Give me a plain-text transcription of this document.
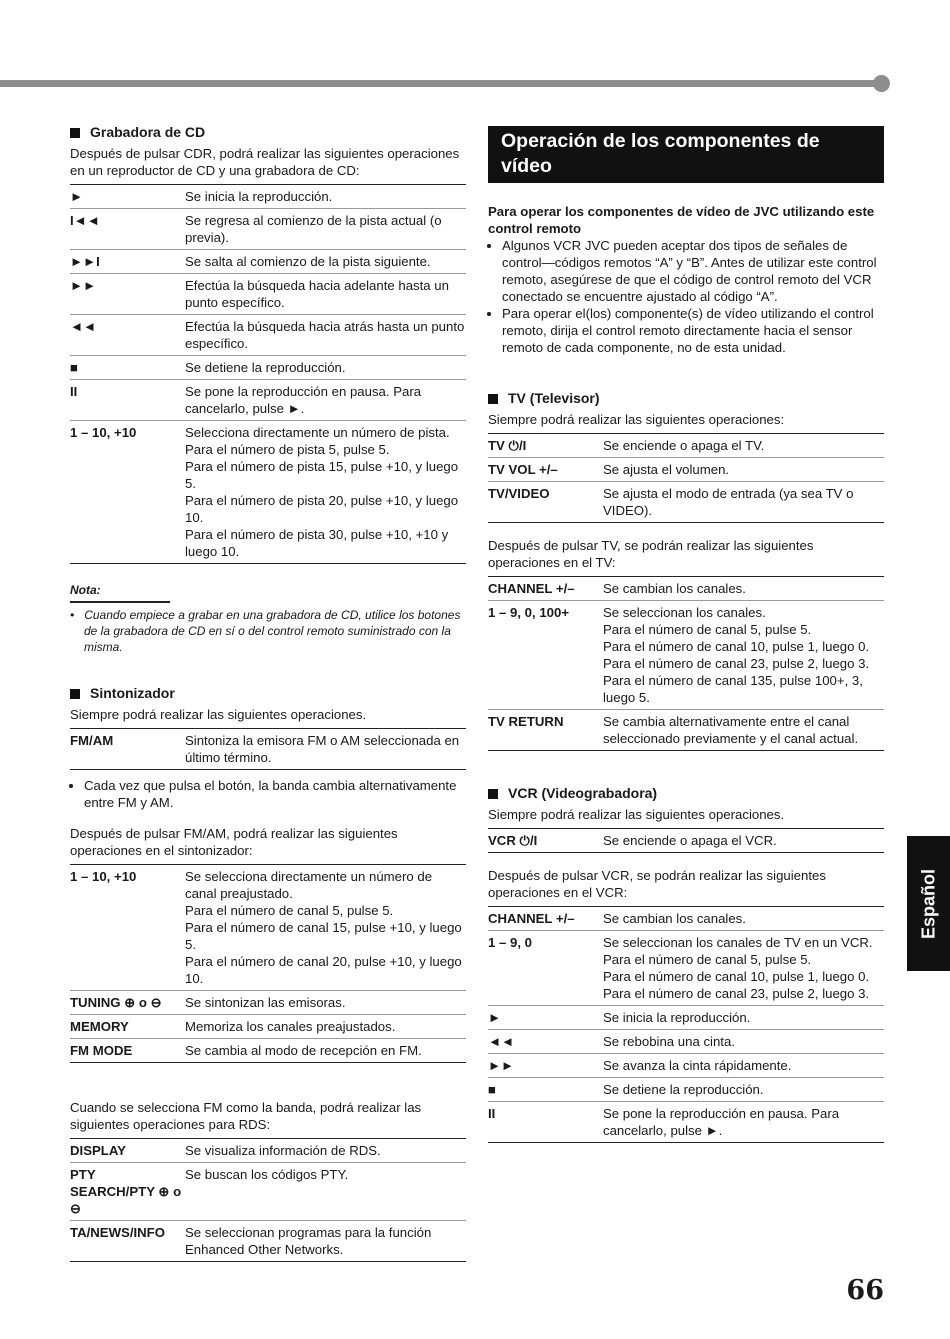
Grabadora de CD

Después de pulsar CDR, podrá realizar las siguientes operaciones en un reproductor de CD y una grabadora de CD:

►	Se inicia la reproducción.
I◄◄	Se regresa al comienzo de la pista actual (o previa).
►►I	Se salta al comienzo de la pista siguiente.
►►	Efectúa la búsqueda hacia adelante hasta un punto específico.
◄◄	Efectúa la búsqueda hacia atrás hasta un punto específico.
■	Se detiene la reproducción.
II	Se pone la reproducción en pausa. Para cancelarlo, pulse ►.
1 – 10, +10	Selecciona directamente un número de pista.
Para el número de pista 5, pulse 5.
Para el número de pista 15, pulse +10, y luego 5.
Para el número de pista 20, pulse +10, y luego 10.
Para el número de pista 30, pulse +10, +10 y luego 10.
Nota:
•   Cuando empiece a grabar en una grabadora de CD, utilice los botones de la grabadora de CD en sí o del control remoto suministrado con la misma.
Sintonizador

Siempre podrá realizar las siguientes operaciones.

FM/AM	Sintoniza la emisora FM o AM seleccionada en último término.
• Cada vez que pulsa el botón, la banda cambia alternativamente entre FM y AM.

Después de pulsar FM/AM, podrá realizar las siguientes operaciones en el sintonizador:

1 – 10, +10	Se selecciona directamente un número de canal preajustado.
Para el número de canal 5, pulse 5.
Para el número de canal 15, pulse +10, y luego 5.
Para el número de canal 20, pulse +10, y luego 10.
TUNING ⊕ o ⊖	Se sintonizan las emisoras.
MEMORY	Memoriza los canales preajustados.
FM MODE	Se cambia al modo de recepción en FM.

Cuando se selecciona FM como la banda, podrá realizar las siguientes operaciones para RDS:

DISPLAY	Se visualiza información de RDS.
PTY SEARCH/PTY ⊕ o ⊖	Se buscan los códigos PTY.
TA/NEWS/INFO	Se seleccionan programas para la función Enhanced Other Networks.
Operación de los componentes de vídeo

Para operar los componentes de vídeo de JVC utilizando este control remoto

• Algunos VCR JVC pueden aceptar dos tipos de señales de control—códigos remotos “A” y “B”. Antes de utilizar este control remoto, asegúrese de que el código de control remoto del VCR conectado se encuentre ajustado al código “A”.
• Para operar el(los) componente(s) de vídeo utilizando el control remoto, dirija el control remoto directamente hacia el sensor remoto de cada componente, no de esta unidad.
TV (Televisor)

Siempre podrá realizar las siguientes operaciones:

TV ⏻/I	Se enciende o apaga el TV.
TV VOL +/–	Se ajusta el volumen.
TV/VIDEO	Se ajusta el modo de entrada (ya sea TV o VIDEO).

Después de pulsar TV, se podrán realizar las siguientes operaciones en el TV:

CHANNEL +/–	Se cambian los canales.
1 – 9, 0, 100+	Se seleccionan los canales.
Para el número de canal 5, pulse 5.
Para el número de canal 10, pulse 1, luego 0.
Para el número de canal 23, pulse 2, luego 3.
Para el número de canal 135, pulse 100+, 3, luego 5.
TV RETURN	Se cambia alternativamente entre el canal seleccionado previamente y el canal actual.
VCR (Videograbadora)

Siempre podrá realizar las siguientes operaciones.

VCR ⏻/I	Se enciende o apaga el VCR.

Después de pulsar VCR, se podrán realizar las siguientes operaciones en el VCR:

CHANNEL +/–	Se cambian los canales.
1 – 9, 0	Se seleccionan los canales de TV en un VCR.
Para el número de canal 5, pulse 5.
Para el número de canal 10, pulse 1, luego 0.
Para el número de canal 23, pulse 2, luego 3.
►	Se inicia la reproducción.
◄◄	Se rebobina una cinta.
►►	Se avanza la cinta rápidamente.
■	Se detiene la reproducción.
II	Se pone la reproducción en pausa. Para cancelarlo, pulse ►.
Español
66
